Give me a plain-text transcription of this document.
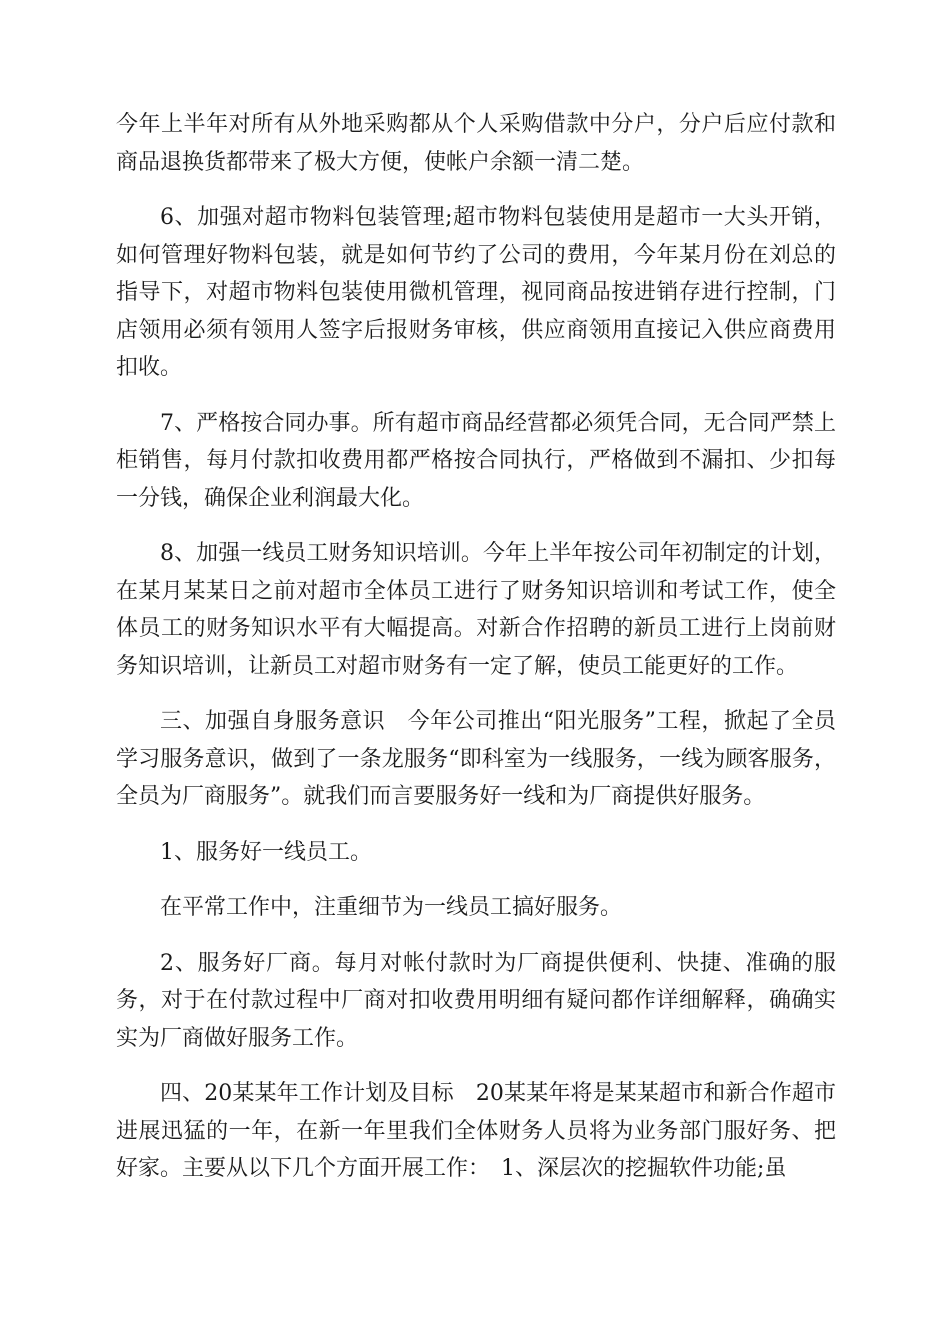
今年上半年对所有从外地采购都从个人采购借款中分户，分户后应付款和商品退换货都带来了极大方便，使帐户余额一清二楚。

6、加强对超市物料包装管理;超市物料包装使用是超市一大头开销，如何管理好物料包装，就是如何节约了公司的费用，今年某月份在刘总的指导下，对超市物料包装使用微机管理，视同商品按进销存进行控制，门店领用必须有领用人签字后报财务审核，供应商领用直接记入供应商费用扣收。

7、严格按合同办事。所有超市商品经营都必须凭合同，无合同严禁上柜销售，每月付款扣收费用都严格按合同执行，严格做到不漏扣、少扣每一分钱，确保企业利润最大化。

8、加强一线员工财务知识培训。今年上半年按公司年初制定的计划，在某月某某日之前对超市全体员工进行了财务知识培训和考试工作，使全体员工的财务知识水平有大幅提高。对新合作招聘的新员工进行上岗前财务知识培训，让新员工对超市财务有一定了解，使员工能更好的工作。

三、加强自身服务意识　今年公司推出“阳光服务”工程，掀起了全员学习服务意识，做到了一条龙服务“即科室为一线服务，一线为顾客服务，全员为厂商服务”。就我们而言要服务好一线和为厂商提供好服务。

1、服务好一线员工。

在平常工作中，注重细节为一线员工搞好服务。

2、服务好厂商。每月对帐付款时为厂商提供便利、快捷、准确的服务，对于在付款过程中厂商对扣收费用明细有疑问都作详细解释，确确实实为厂商做好服务工作。

四、20某某年工作计划及目标　20某某年将是某某超市和新合作超市进展迅猛的一年，在新一年里我们全体财务人员将为业务部门服好务、把好家。主要从以下几个方面开展工作：　1、深层次的挖掘软件功能;虽
